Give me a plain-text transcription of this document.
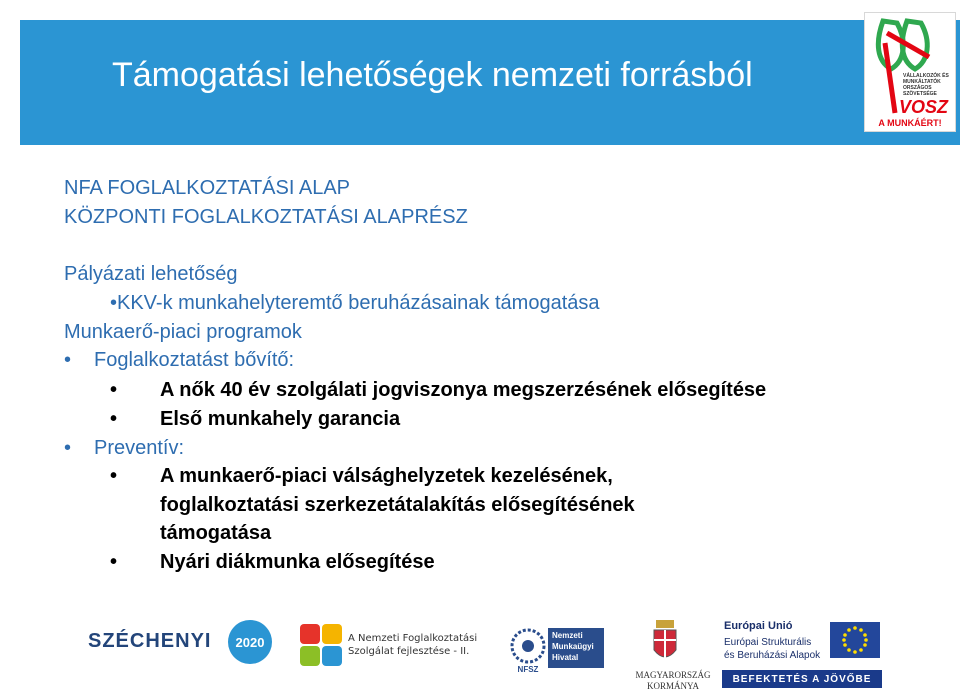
Támogatási lehetőségek nemzeti forrásból	VÁLLALKOZÓK ÉS MUNKÁLTATÓK ORSZÁGOS SZÖVETSÉGE
VOSZ
A MUNKÁÉRT!
NFA FOGLALKOZTATÁSI ALAP
KÖZPONTI FOGLALKOZTATÁSI ALAPRÉSZ
Pályázati lehetőség
•KKV-k munkahelyteremtő beruházásainak támogatása
Munkaerő-piaci programok
• Foglalkoztatást bővítő:
• A nők 40 év szolgálati jogviszonya megszerzésének elősegítése
• Első munkahely garancia
• Preventív:
• A munkaerő-piaci válsághelyzetek kezelésének,
foglalkoztatási szerkezetátalakítás elősegítésének
támogatása
• Nyári diákmunka elősegítése
SZÉCHENYI	2020	A Nemzeti Foglalkoztatási
Szolgálat fejlesztése - II.
NFSZ
Nemzeti Munkaügyi Hivatal
MAGYARORSZÁG
KORMÁNYA
Európai Unió
Európai Strukturális
és Beruházási Alapok
BEFEKTETÉS A JÖVŐBE
